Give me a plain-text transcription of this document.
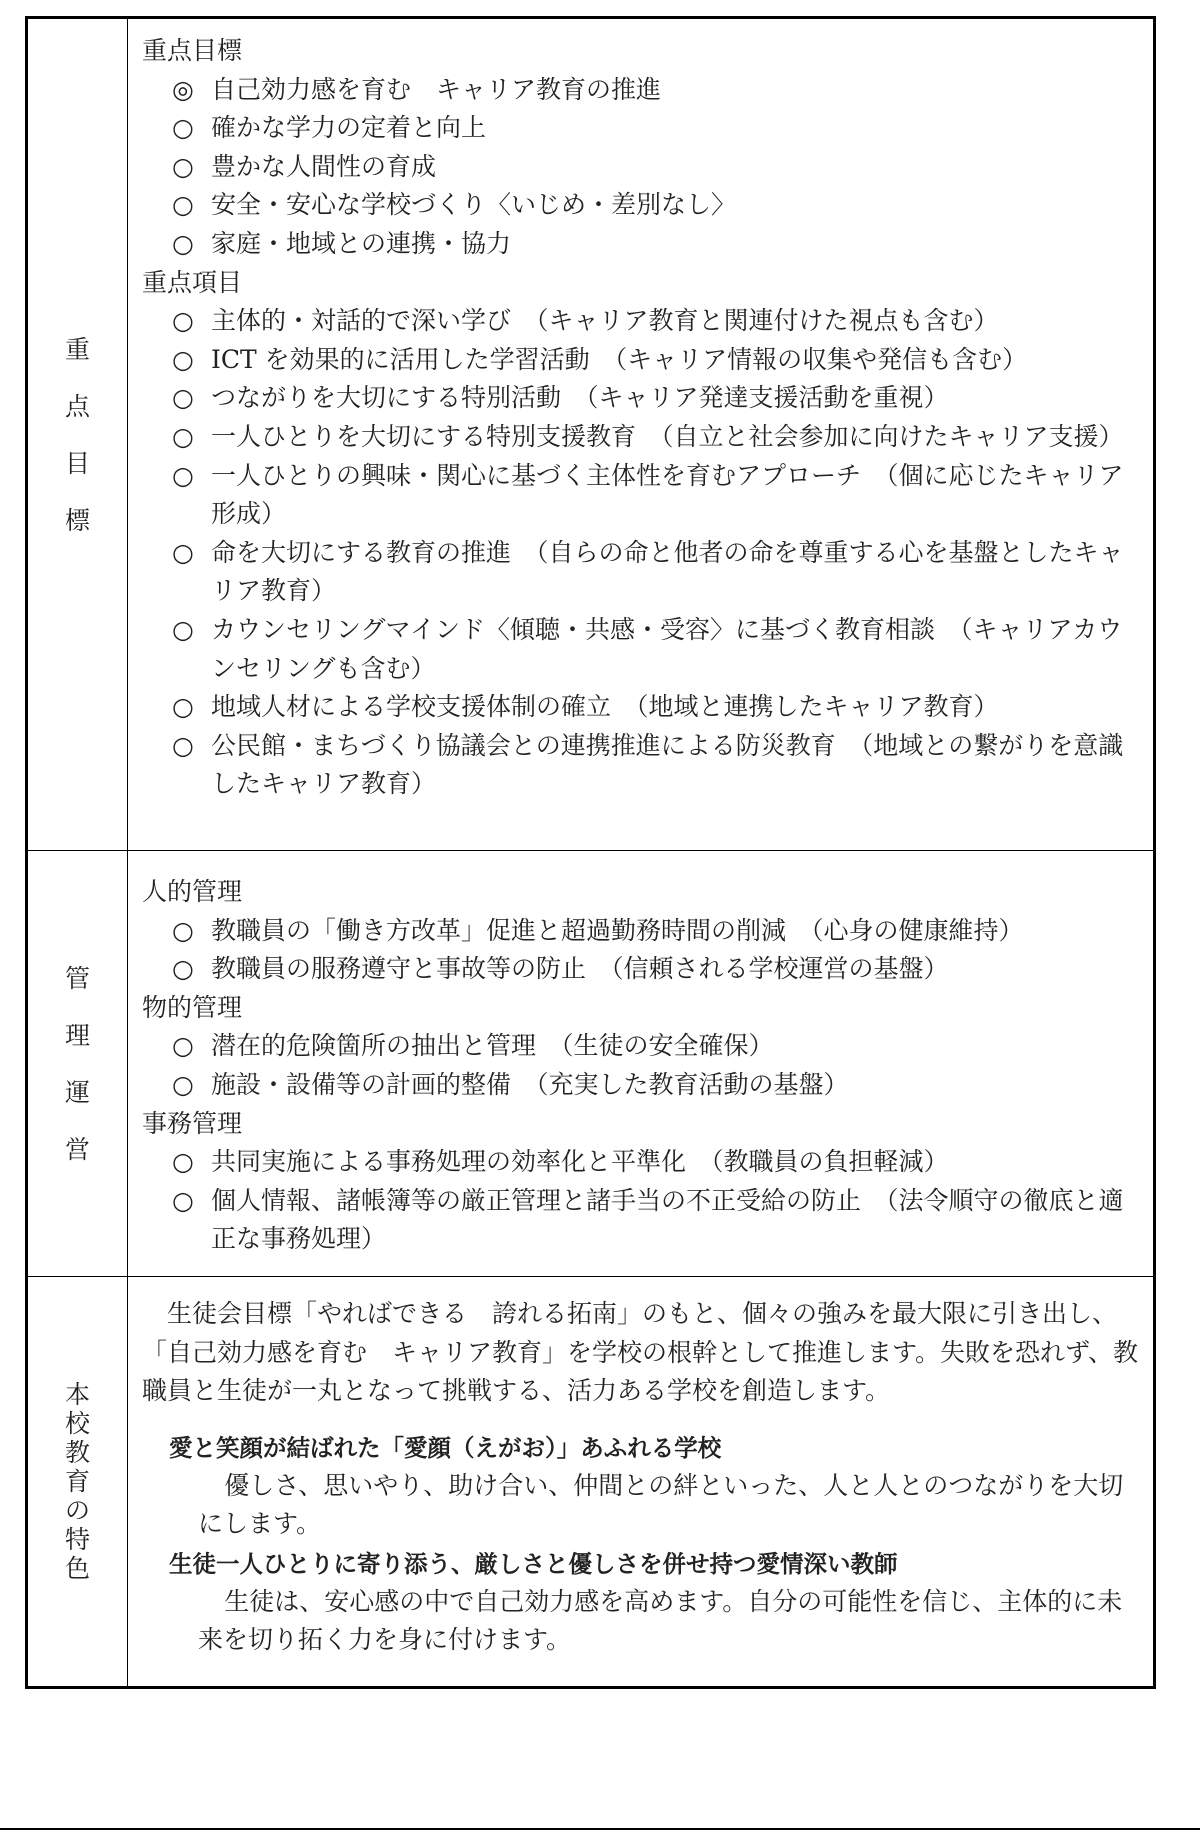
重
点
目
標
重点目標
◎ 自己効力感を育む　キャリア教育の推進
○ 確かな学力の定着と向上
○ 豊かな人間性の育成
○ 安全・安心な学校づくり〈いじめ・差別なし〉
○ 家庭・地域との連携・協力
重点項目
○ 主体的・対話的で深い学び　（キャリア教育と関連付けた視点も含む）
○ ICT を効果的に活用した学習活動　（キャリア情報の収集や発信も含む）
○ つながりを大切にする特別活動　（キャリア発達支援活動を重視）
○ 一人ひとりを大切にする特別支援教育　（自立と社会参加に向けたキャリア支援）
○ 一人ひとりの興味・関心に基づく主体性を育むアプローチ　（個に応じたキャリア形成）
○ 命を大切にする教育の推進　（自らの命と他者の命を尊重する心を基盤としたキャリア教育）
○ カウンセリングマインド〈傾聴・共感・受容〉に基づく教育相談　（キャリアカウンセリングも含む）
○ 地域人材による学校支援体制の確立　（地域と連携したキャリア教育）
○ 公民館・まちづくり協議会との連携推進による防災教育　（地域との繋がりを意識したキャリア教育）
管
理
運
営
人的管理
○ 教職員の「働き方改革」促進と超過勤務時間の削減　（心身の健康維持）
○ 教職員の服務遵守と事故等の防止　（信頼される学校運営の基盤）
物的管理
○ 潜在的危険箇所の抽出と管理　（生徒の安全確保）
○ 施設・設備等の計画的整備　（充実した教育活動の基盤）
事務管理
○ 共同実施による事務処理の効率化と平準化　（教職員の負担軽減）
○ 個人情報、諸帳簿等の厳正管理と諸手当の不正受給の防止　（法令順守の徹底と適正な事務処理）
本
校
教
育
の
特
色

生徒会目標「やればできる　誇れる拓南」のもと、個々の強みを最大限に引き出し、「自己効力感を育む　キャリア教育」を学校の根幹として推進します。失敗を恐れず、教職員と生徒が一丸となって挑戦する、活力ある学校を創造します。

愛と笑顔が結ばれた「愛顔（えがお）」あふれる学校

優しさ、思いやり、助け合い、仲間との絆といった、人と人とのつながりを大切にします。

生徒一人ひとりに寄り添う、厳しさと優しさを併せ持つ愛情深い教師

生徒は、安心感の中で自己効力感を高めます。自分の可能性を信じ、主体的に未来を切り拓く力を身に付けます。
